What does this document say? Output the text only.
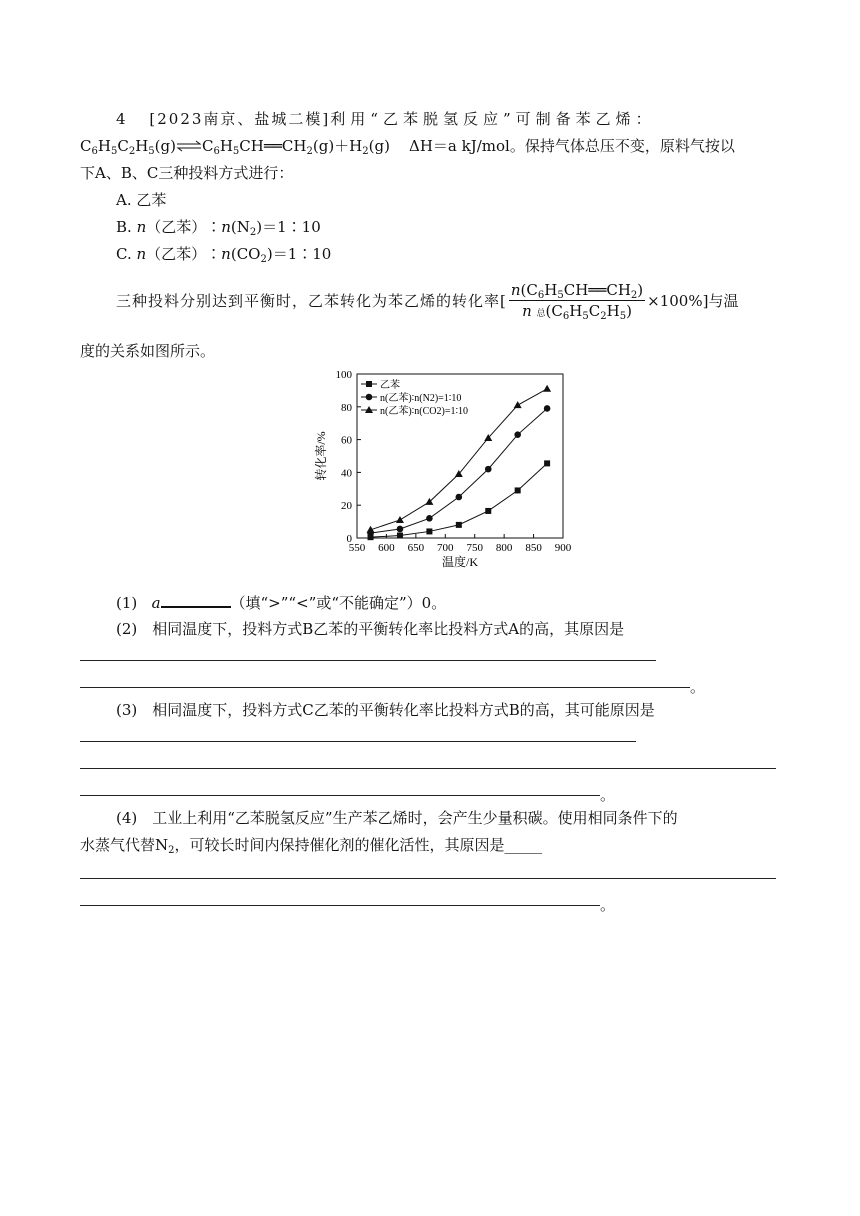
4 [2023南京、盐城二模]利用“乙苯脱氢反应”可制备苯乙烯：
$C_6H_5C_2H_5(g)\rightleftharpoons C_6H_5CH══CH_2(g)+H_2(g)$ ΔH＝a kJ/mol。保持气体总压不变，原料气按以
下A、B、C三种投料方式进行：
A. 乙苯
B. n（乙苯）$∶n(N_2)=1∶10$
C. n（乙苯）$∶n(CO_2)=1∶10$
三种投料分别达到平衡时，乙苯转化为苯乙烯的转化率[ $\frac{n(C_6H_5CH══CH_2)}{n 总(C_6H_5C_2H_5)} \times 100\%$]与温
度的关系如图所示。
550 600 650 700 750 800 850 900
0
20
40
60
80
100
温度/K
转化率/%
乙苯
n(乙苯)∶n(N2)=1∶10
n(乙苯)∶n(CO2)=1∶10
(1) a	（填“>”“<”或“不能确定”）0。
(2)　相同温度下，投料方式B乙苯的平衡转化率比投料方式A的高，其原因是
。
(3)　相同温度下，投料方式C乙苯的平衡转化率比投料方式B的高，其可能原因是
。
(4)　工业上利用“乙苯脱氢反应”生产苯乙烯时，会产生少量积碳。使用相同条件下的
水蒸气代替$N_2$，可较长时间内保持催化剂的催化活性，其原因是_____
。
